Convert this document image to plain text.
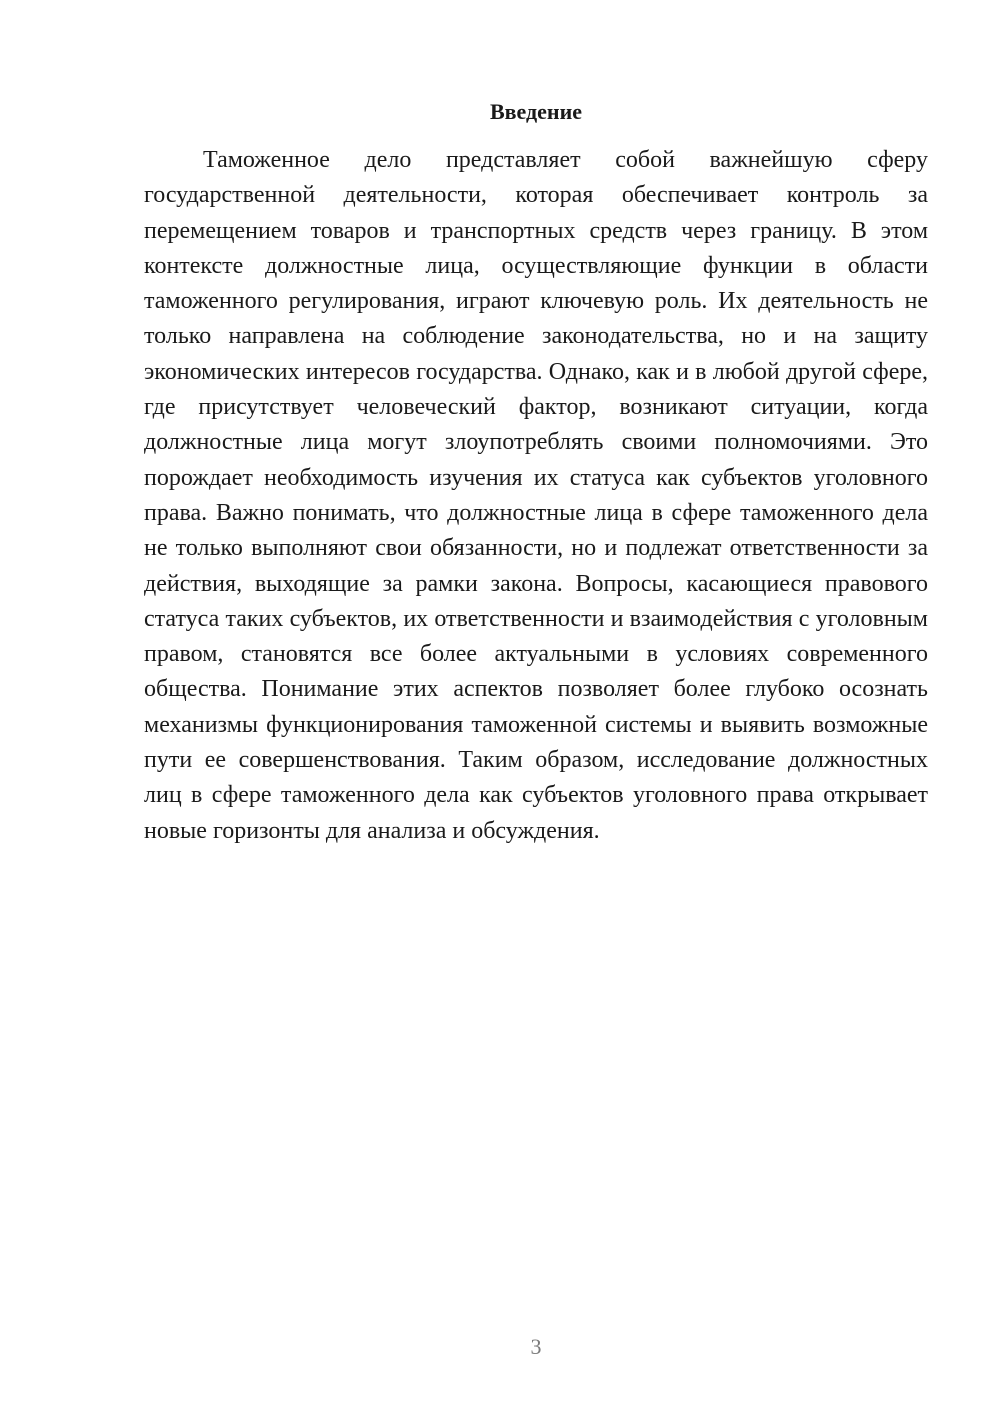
Введение

Таможенное дело представляет собой важнейшую сферу государственной деятельности, которая обеспечивает контроль за перемещением товаров и транспортных средств через границу. В этом контексте должностные лица, осуществляющие функции в области таможенного регулирования, играют ключевую роль. Их деятельность не только направлена на соблюдение законодательства, но и на защиту экономических интересов государства. Однако, как и в любой другой сфере, где присутствует человеческий фактор, возникают ситуации, когда должностные лица могут злоупотреблять своими полномочиями. Это порождает необходимость изучения их статуса как субъектов уголовного права. Важно понимать, что должностные лица в сфере таможенного дела не только выполняют свои обязанности, но и подлежат ответственности за действия, выходящие за рамки закона. Вопросы, касающиеся правового статуса таких субъектов, их ответственности и взаимодействия с уголовным правом, становятся все более актуальными в условиях современного общества. Понимание этих аспектов позволяет более глубоко осознать механизмы функционирования таможенной системы и выявить возможные пути ее совершенствования. Таким образом, исследование должностных лиц в сфере таможенного дела как субъектов уголовного права открывает новые горизонты для анализа и обсуждения.

3
